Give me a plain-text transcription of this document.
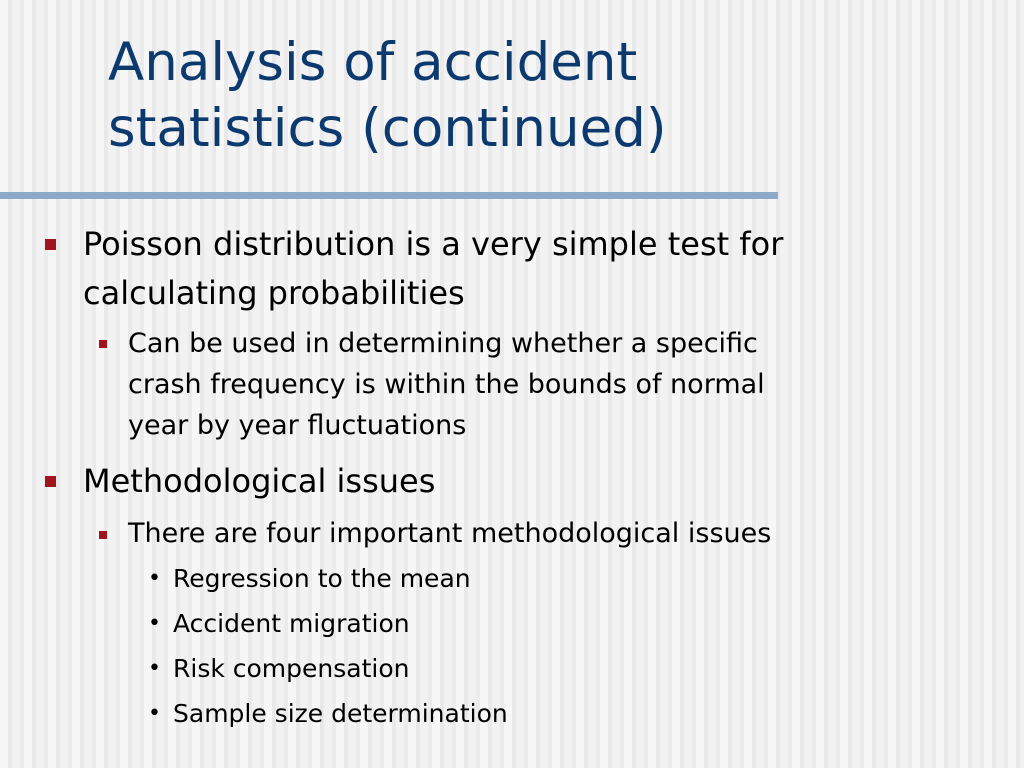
Analysis of accident
statistics (continued)
Poisson distribution is a very simple test for
calculating probabilities
Can be used in determining whether a specific
crash frequency is within the bounds of normal
year by year fluctuations
Methodological issues
There are four important methodological issues
• Regression to the mean
• Accident migration
• Risk compensation
• Sample size determination
